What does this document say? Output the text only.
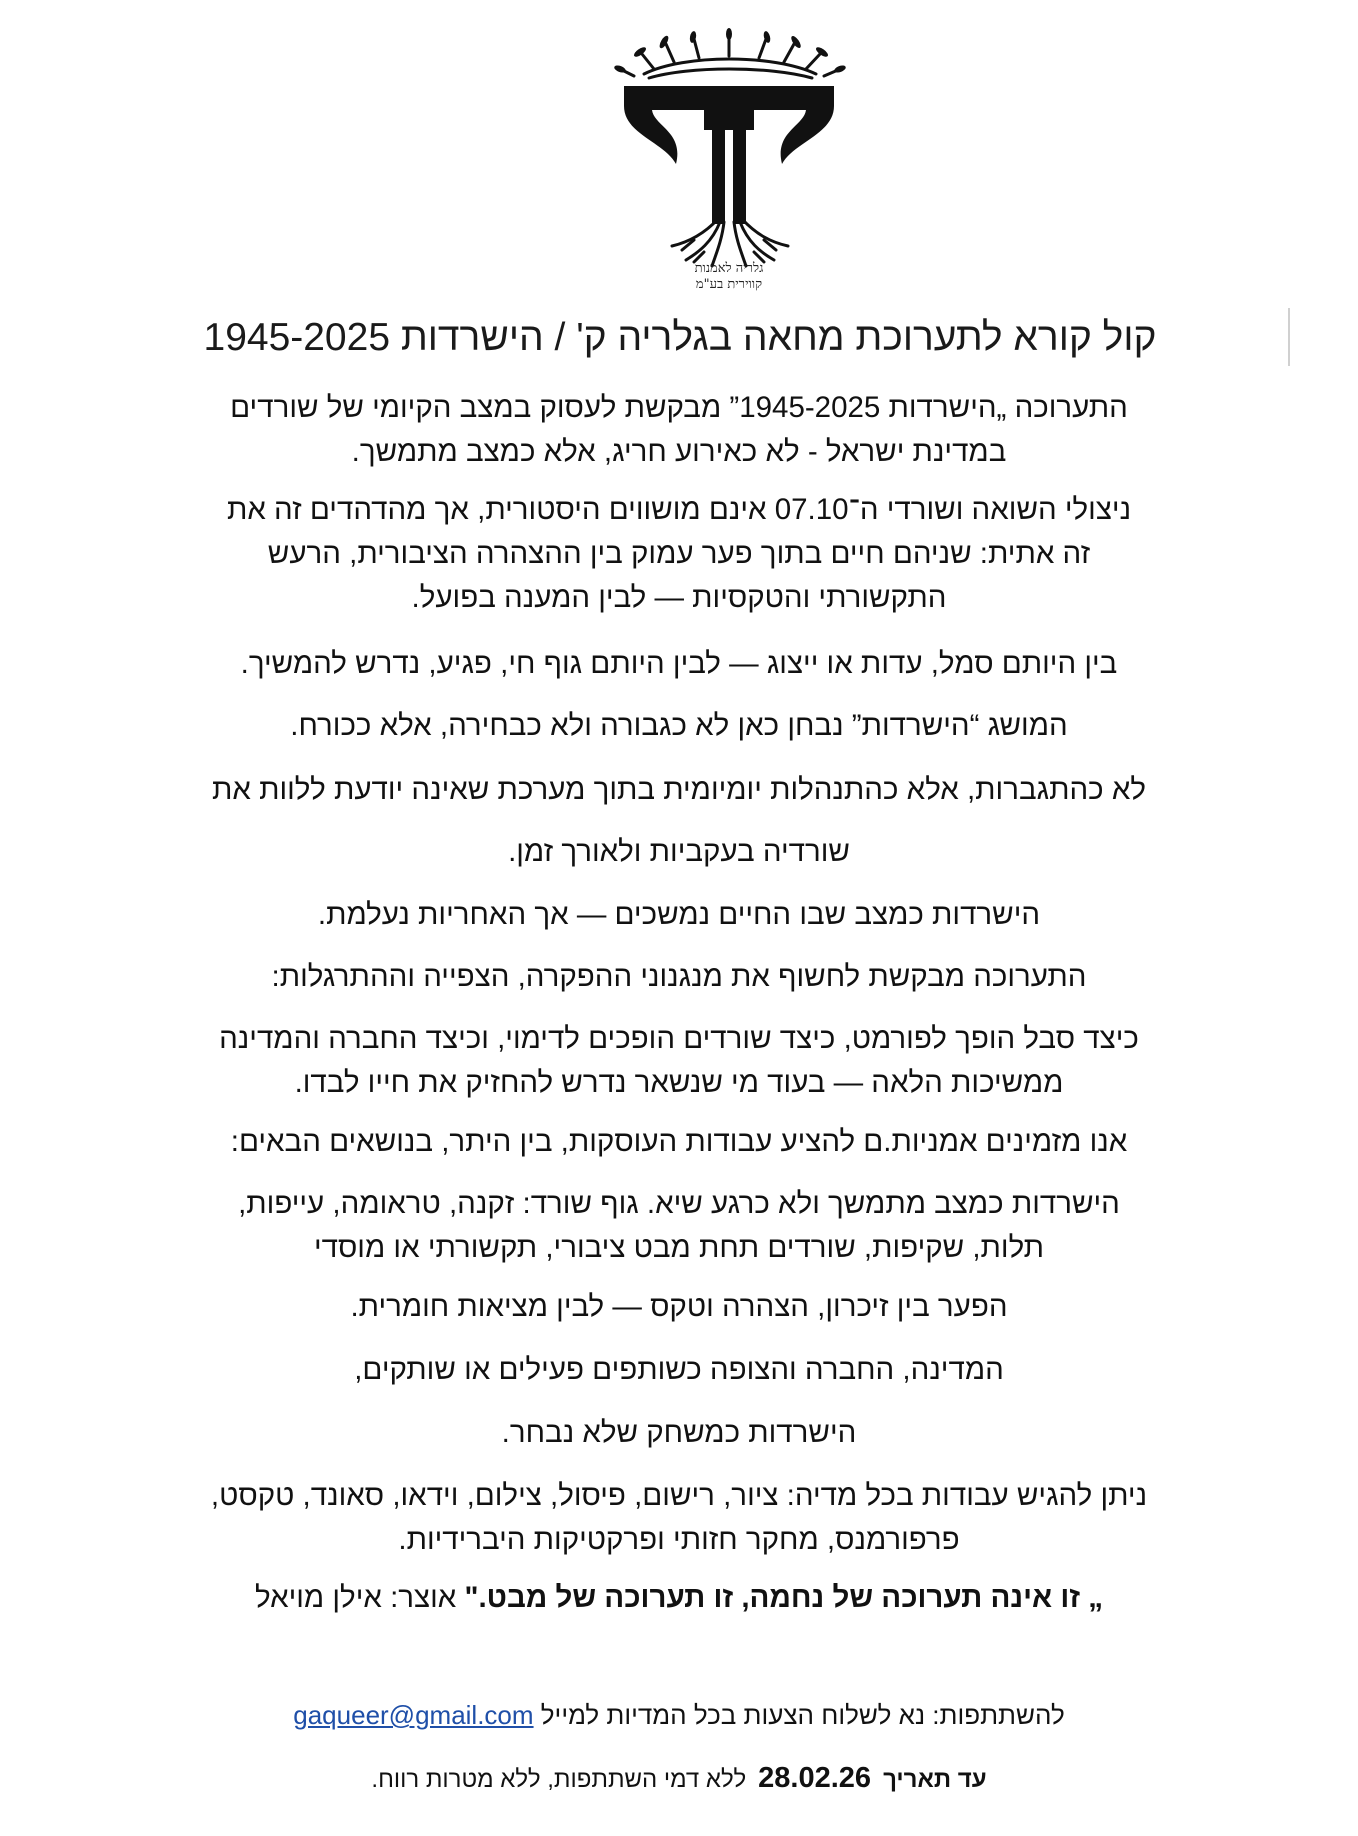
גלריה לאמנות
קווירית בע"מ
קול קורא לתערוכת מחאה בגלריה ק' / הישרדות 1945-2025
התערוכה „הישרדות 1945-2025” מבקשת לעסוק במצב הקיומי של שורדים
במדינת ישראל - לא כאירוע חריג, אלא כמצב מתמשך.
ניצולי השואה ושורדי ה־07.10 אינם מושווים היסטורית, אך מהדהדים זה את
זה אתית: שניהם חיים בתוך פער עמוק בין ההצהרה הציבורית, הרעש
התקשורתי והטקסיות — לבין המענה בפועל.
בין היותם סמל, עדות או ייצוג — לבין היותם גוף חי, פגיע, נדרש להמשיך.
המושג “הישרדות” נבחן כאן לא כגבורה ולא כבחירה, אלא ככורח.
לא כהתגברות, אלא כהתנהלות יומיומית בתוך מערכת שאינה יודעת ללוות את
שורדיה בעקביות ולאורך זמן.
הישרדות כמצב שבו החיים נמשכים — אך האחריות נעלמת.
התערוכה מבקשת לחשוף את מנגנוני ההפקרה, הצפייה וההתרגלות:
כיצד סבל הופך לפורמט, כיצד שורדים הופכים לדימוי, וכיצד החברה והמדינה
ממשיכות הלאה — בעוד מי שנשאר נדרש להחזיק את חייו לבדו.
אנו מזמינים אמניות.ם להציע עבודות העוסקות, בין היתר, בנושאים הבאים:
הישרדות כמצב מתמשך ולא כרגע שיא. גוף שורד: זקנה, טראומה, עייפות,
תלות, שקיפות, שורדים תחת מבט ציבורי, תקשורתי או מוסדי
הפער בין זיכרון, הצהרה וטקס — לבין מציאות חומרית.
המדינה, החברה והצופה כשותפים פעילים או שותקים,
הישרדות כמשחק שלא נבחר.
ניתן להגיש עבודות בכל מדיה: ציור, רישום, פיסול, צילום, וידאו, סאונד, טקסט,
פרפורמנס, מחקר חזותי ופרקטיקות היברידיות.
„ זו אינה תערוכה של נחמה, זו תערוכה של מבט." אוצר: אילן מויאל
להשתתפות: נא לשלוח הצעות בכל המדיות למייל gaqueer@gmail.com
עד תאריך28.02.26ללא דמי השתתפות, ללא מטרות רווח.
